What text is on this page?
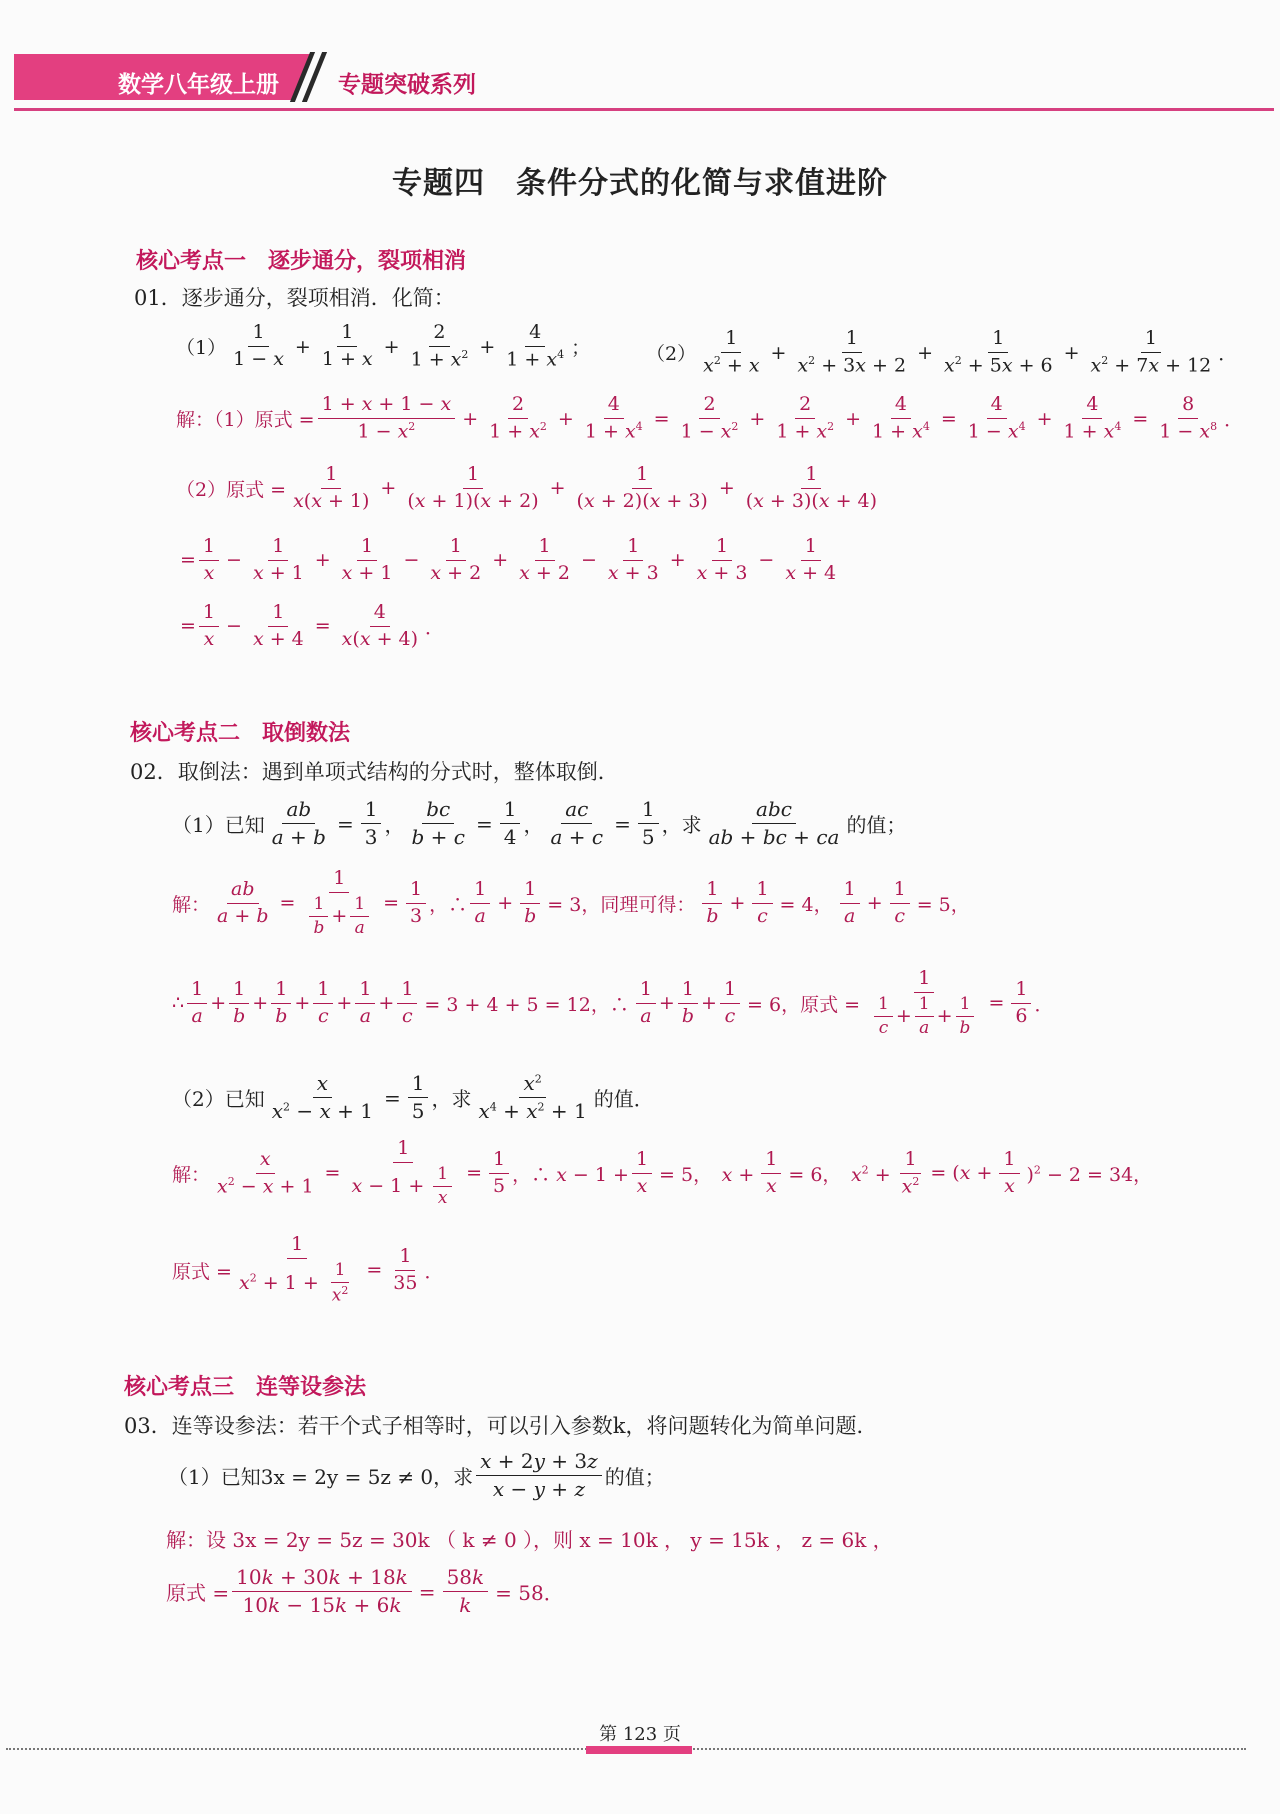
数学八年级上册	专题突破系列
专题四　条件分式的化简与求值进阶
核心考点一　逐步通分，裂项相消
01．逐步通分，裂项相消．化简：
（1）
1
1 − x
+ $\frac{1}{1 + x} + \frac{2}{1 + x^2} + \frac{4}{1 + x^4}$ ；	（2）
1
$x^2 + x$
+ $\frac{1}{x^2 + 3x + 2} + \frac{1}{x^2 + 5x + 6} + \frac{1}{x^2 + 7x + 12}$ ．
解：（1）原式 = $\frac{1 + x + 1 - x}{1 - x^2} + \frac{2}{1 + x^2} + \frac{4}{1 + x^4} = \frac{2}{1 - x^2} + \frac{2}{1 + x^2} + \frac{4}{1 + x^4} = \frac{4}{1 - x^4} + \frac{4}{1 + x^4} = \frac{8}{1 - x^8}$ ．
（2）原式 = $\frac{1}{x(x + 1)} + \frac{1}{(x + 1)(x + 2)} + \frac{1}{(x + 2)(x + 3)} + \frac{1}{(x + 3)(x + 4)}$
= $\frac{1}{x} - \frac{1}{x + 1} + \frac{1}{x + 1} - \frac{1}{x + 2} + \frac{1}{x + 2} - \frac{1}{x + 3} + \frac{1}{x + 3} - \frac{1}{x + 4}$
= $\frac{1}{x} - \frac{1}{x + 4} = \frac{4}{x(x + 4)}$ ．
核心考点二　取倒数法
02．取倒法：遇到单项式结构的分式时，整体取倒．
（1）已知 $\frac{ab}{a + b} = \frac{1}{3}$ ， $\frac{bc}{b + c} = \frac{1}{4}$ ， $\frac{ac}{a + c} = \frac{1}{5}$ ，求
abc
ab + bc + ca 的值；
解： $\frac{ab}{a + b} = \frac{1}{\frac{1}{b} + \frac{1}{a}} = \frac{1}{3}$ ，∴
1
a
+ $\frac{1}{b} = 3$，同理可得：
1
b
+ $\frac{1}{c} = 4$，
1
a
+ $\frac{1}{c} = 5$，
∴
1
a
+
1
b
+
1
b
+
1
c
+
1
a
+ $\frac{1}{c} = 3 + 4 + 5 = 12$，∴
1
a
+
1
b
+ $\frac{1}{c} = 6$，原式 = $\frac{1}{\frac{1}{c} + \frac{1}{a} + \frac{1}{b}} = \frac{1}{6}$ ．
（2）已知 $\frac{x}{x^2 - x + 1} = \frac{1}{5}$ ，求
$x^2$
$x^4 + x^2 + 1$ 的值．
解： $\frac{x}{x^2 - x + 1} = \frac{1}{x - 1 + \frac{1}{x}} = \frac{1}{5}$ ，∴ $x - 1 + \frac{1}{x} = 5$，　$x + \frac{1}{x} = 6$，　$x^2 + \frac{1}{x^2} = (x + \frac{1}{x} )^2 - 2 = 34$，
原式 = $\frac{1}{x^2 + 1 + \frac{1}{x^2}} = \frac{1}{35}$ ．
核心考点三　连等设参法
03．连等设参法：若干个式子相等时，可以引入参数k，将问题转化为简单问题．
（1）已知3x = 2y = 5z ≠ 0，求
x + 2y + 3z
x − y + z 的值；
解：设 3x = 2y = 5z = 30k （ k ≠ 0 ），则 x = 10k ， y = 15k ， z = 6k ，
原式 = $\frac{10k + 30k + 18k}{10k - 15k + 6k} = \frac{58k}{k} = 58$．
第 123 页
